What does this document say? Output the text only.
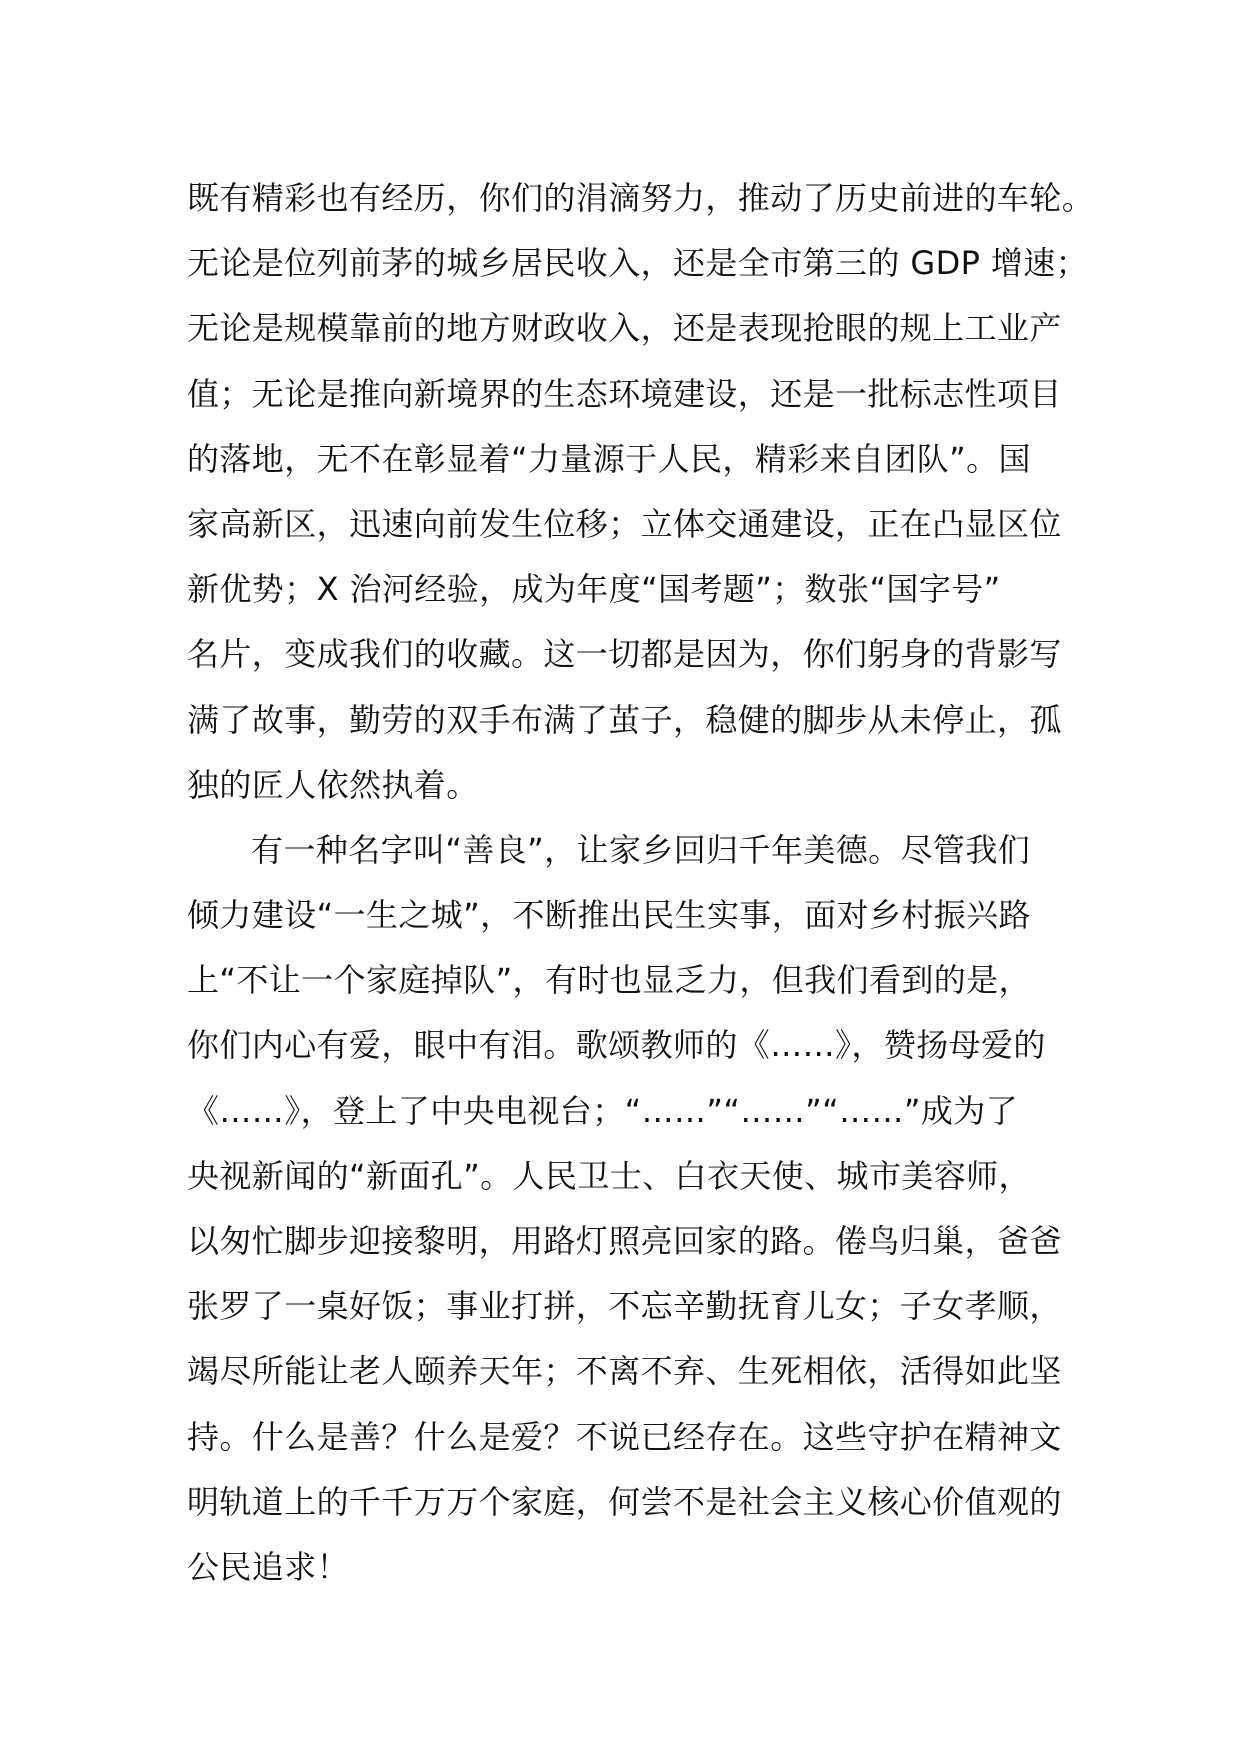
既有精彩也有经历，你们的涓滴努力，推动了历史前进的车轮。
无论是位列前茅的城乡居民收入，还是全市第三的 GDP 增速；
无论是规模靠前的地方财政收入，还是表现抢眼的规上工业产
值；无论是推向新境界的生态环境建设，还是一批标志性项目
的落地，无不在彰显着“力量源于人民，精彩来自团队”。国
家高新区，迅速向前发生位移；立体交通建设，正在凸显区位
新优势；X 治河经验，成为年度“国考题”；数张“国字号”
名片，变成我们的收藏。这一切都是因为，你们躬身的背影写
满了故事，勤劳的双手布满了茧子，稳健的脚步从未停止，孤
独的匠人依然执着。
有一种名字叫“善良”，让家乡回归千年美德。尽管我们
倾力建设“一生之城”，不断推出民生实事，面对乡村振兴路
上“不让一个家庭掉队”，有时也显乏力，但我们看到的是，
你们内心有爱，眼中有泪。歌颂教师的《……》，赞扬母爱的
《……》，登上了中央电视台；“……”“……”“……”成为了
央视新闻的“新面孔”。人民卫士、白衣天使、城市美容师，
以匆忙脚步迎接黎明，用路灯照亮回家的路。倦鸟归巢，爸爸
张罗了一桌好饭；事业打拼，不忘辛勤抚育儿女；子女孝顺，
竭尽所能让老人颐养天年；不离不弃、生死相依，活得如此坚
持。什么是善？什么是爱？不说已经存在。这些守护在精神文
明轨道上的千千万万个家庭，何尝不是社会主义核心价值观的
公民追求！
